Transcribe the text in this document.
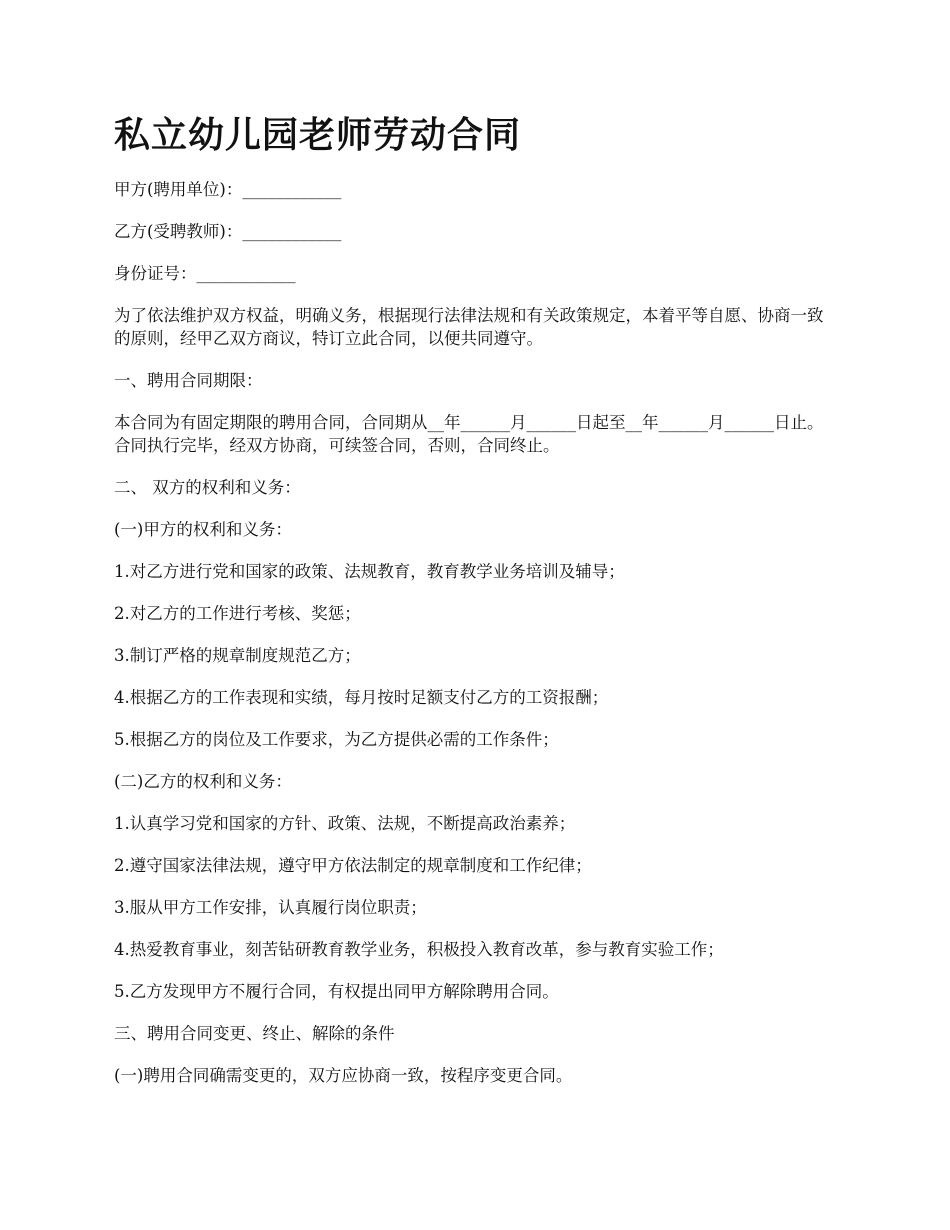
私立幼儿园老师劳动合同

甲方(聘用单位)：____________

乙方(受聘教师)：____________

身份证号：____________

为了依法维护双方权益，明确义务，根据现行法律法规和有关政策规定，本着平等自愿、协商一致的原则，经甲乙双方商议，特订立此合同，以便共同遵守。

一、聘用合同期限：

本合同为有固定期限的聘用合同，合同期从__年______月______日起至__年______月______日止。合同执行完毕，经双方协商，可续签合同，否则，合同终止。

二、 双方的权利和义务：

(一)甲方的权利和义务：

1.对乙方进行党和国家的政策、法规教育，教育教学业务培训及辅导；

2.对乙方的工作进行考核、奖惩；

3.制订严格的规章制度规范乙方；

4.根据乙方的工作表现和实绩，每月按时足额支付乙方的工资报酬；

5.根据乙方的岗位及工作要求，为乙方提供必需的工作条件；

(二)乙方的权利和义务：

1.认真学习党和国家的方针、政策、法规，不断提高政治素养；

2.遵守国家法律法规，遵守甲方依法制定的规章制度和工作纪律；

3.服从甲方工作安排，认真履行岗位职责；

4.热爱教育事业，刻苦钻研教育教学业务，积极投入教育改革，参与教育实验工作；

5.乙方发现甲方不履行合同，有权提出同甲方解除聘用合同。

三、聘用合同变更、终止、解除的条件

(一)聘用合同确需变更的，双方应协商一致，按程序变更合同。
